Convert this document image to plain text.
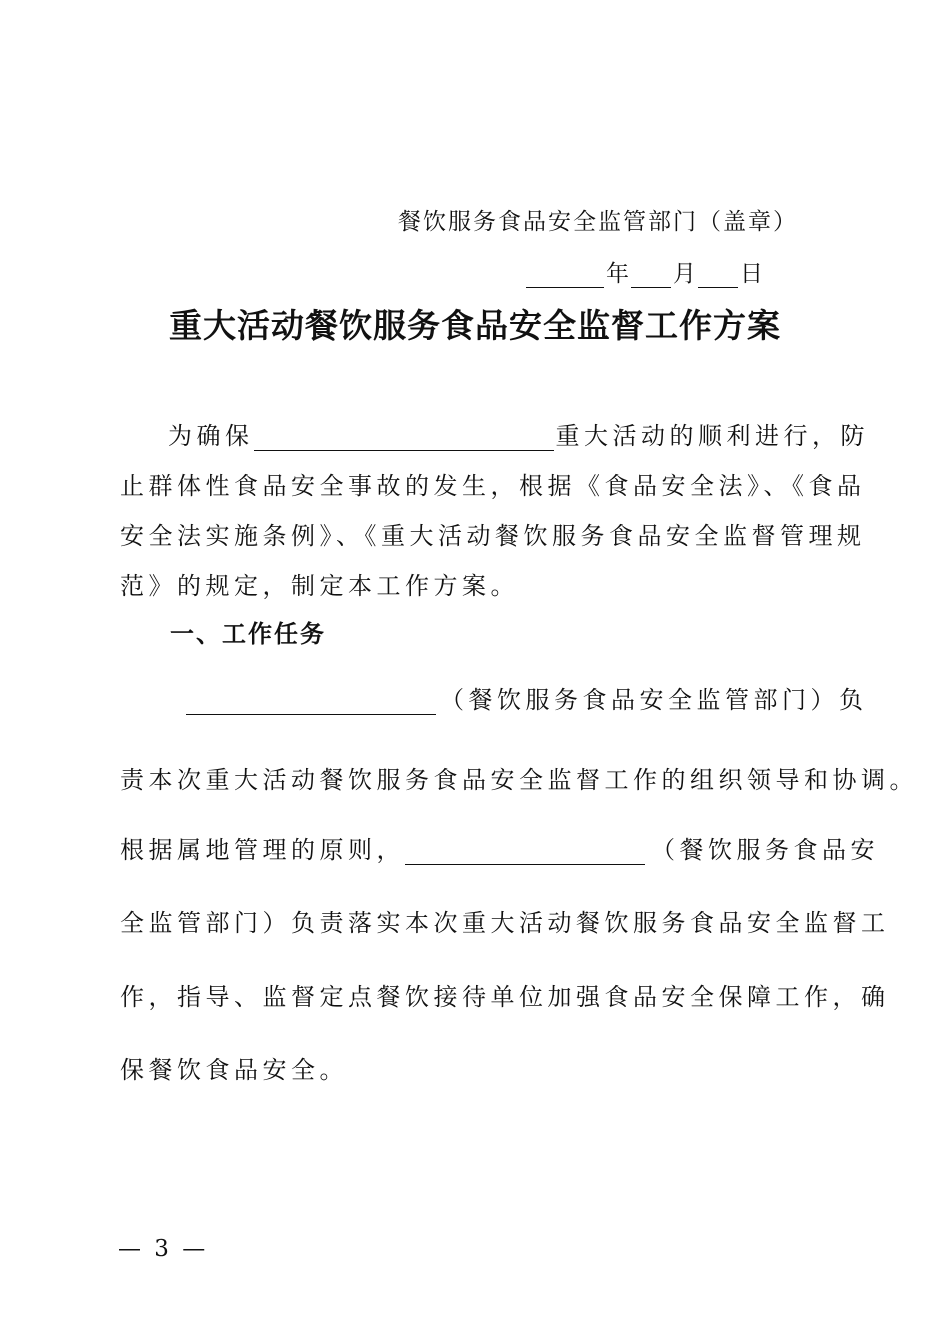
餐饮服务食品安全监管部门（盖章）
年 月 日
重大活动餐饮服务食品安全监督工作方案
为确保	重大活动的顺利进行，防
止群体性食品安全事故的发生，根据《食品安全法》、《食品
安全法实施条例》、《重大活动餐饮服务食品安全监督管理规
范》的规定，制定本工作方案。
一、工作任务
（餐饮服务食品安全监管部门）负
责本次重大活动餐饮服务食品安全监督工作的组织领导和协调。
根据属地管理的原则，	（餐饮服务食品安
全监管部门）负责落实本次重大活动餐饮服务食品安全监督工
作，指导、监督定点餐饮接待单位加强食品安全保障工作，确
保餐饮食品安全。
— 3 —
